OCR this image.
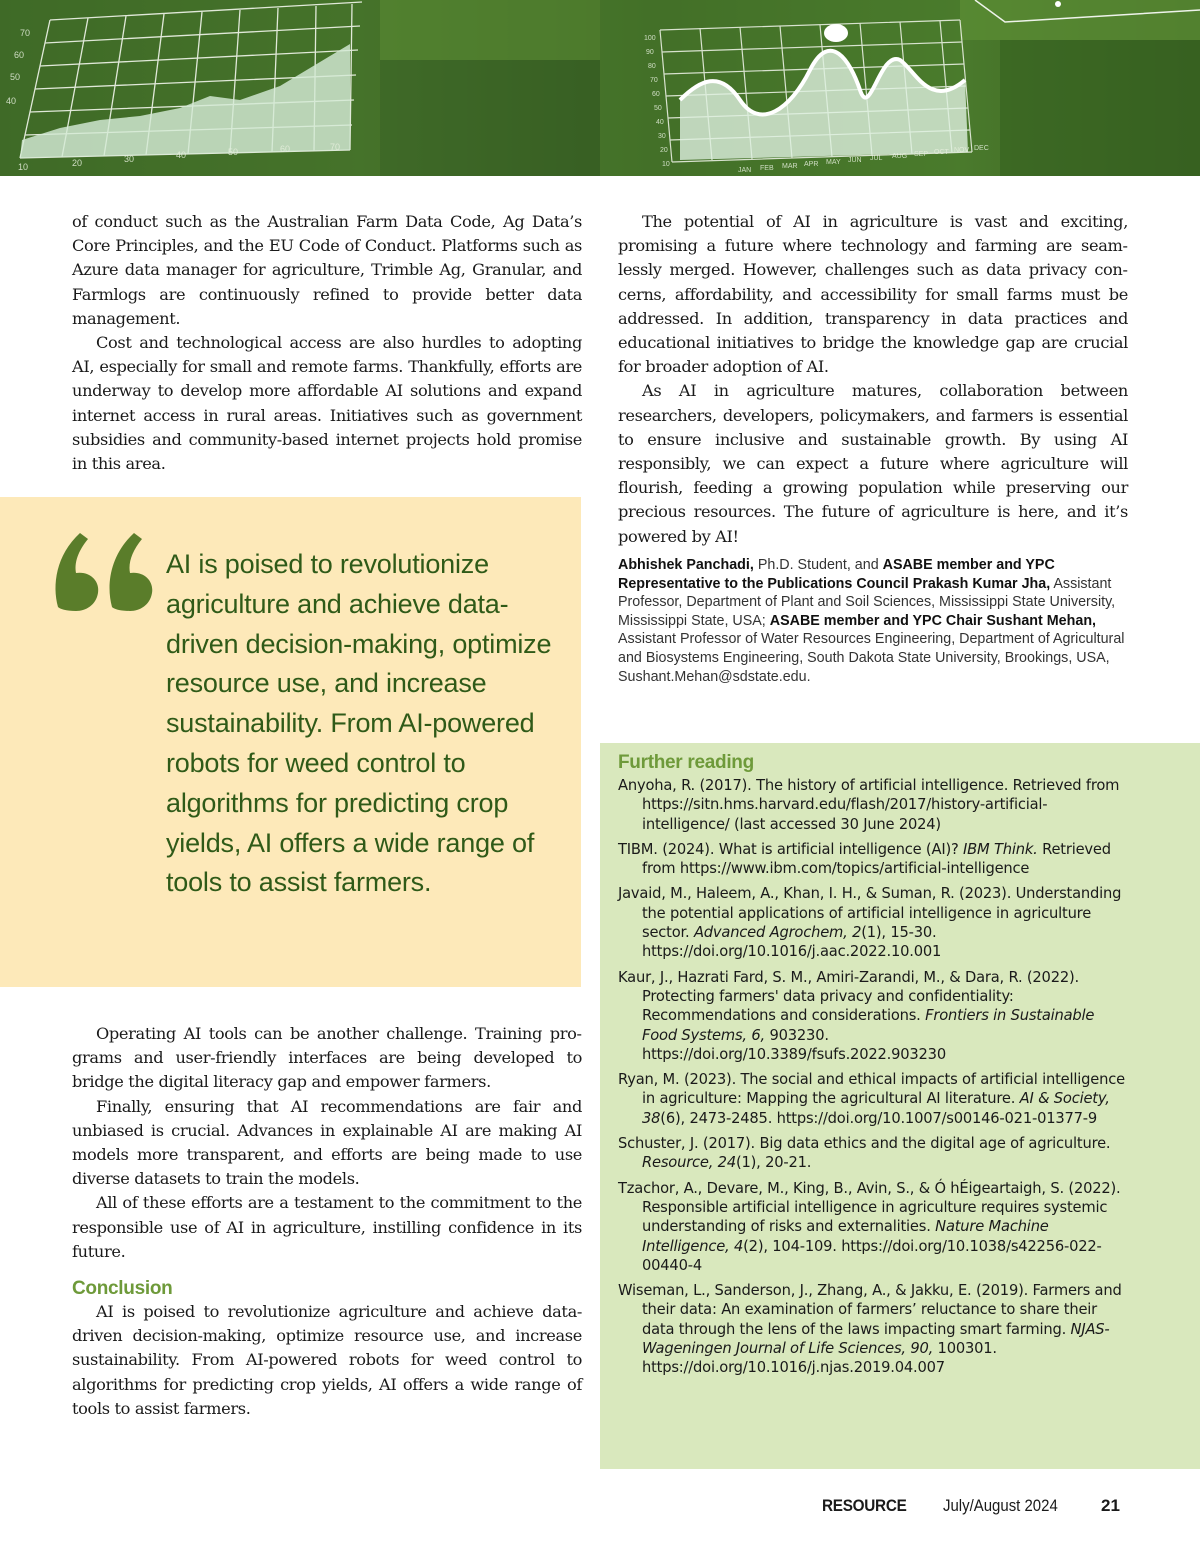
10	20	30	40	50	60	70
70
60
50
40
JAN FEB MAR APR MAY JUN JUL AUG SEP OCT NOV DEC
100
90
80
70
60
50
40
30
20
10

of conduct such as the Australian Farm Data Code, Ag Data’s Core Principles, and the EU Code of Conduct. Platforms such as Azure data manager for agriculture, Trimble Ag, Granular, and Farmlogs are continuously refined to provide better data management.

Cost and technological access are also hurdles to adopting AI, especially for small and remote farms. Thankfully, efforts are underway to develop more affordable AI solutions and expand internet access in rural areas. Initiatives such as government subsidies and community-based internet projects hold promise in this area.

AI is poised to revolutionize agriculture and achieve data-driven decision-making, optimize resource use, and increase sustainability. From AI-powered robots for weed control to algorithms for predicting crop yields, AI offers a wide range of tools to assist farmers.

Operating AI tools can be another challenge. Training programs and user-friendly interfaces are being developed to bridge the digital literacy gap and empower farmers.

Finally, ensuring that AI recommendations are fair and unbiased is crucial. Advances in explainable AI are making AI models more transparent, and efforts are being made to use diverse datasets to train the models.

All of these efforts are a testament to the commitment to the responsible use of AI in agriculture, instilling confidence in its future.

Conclusion

AI is poised to revolutionize agriculture and achieve data-driven decision-making, optimize resource use, and increase sustainability. From AI-powered robots for weed control to algorithms for predicting crop yields, AI offers a wide range of tools to assist farmers.

The potential of AI in agriculture is vast and exciting, promising a future where technology and farming are seamlessly merged. However, challenges such as data privacy concerns, affordability, and accessibility for small farms must be addressed. In addition, transparency in data practices and educational initiatives to bridge the knowledge gap are crucial for broader adoption of AI.

As AI in agriculture matures, collaboration between researchers, developers, policymakers, and farmers is essential to ensure inclusive and sustainable growth. By using AI responsibly, we can expect a future where agriculture will flourish, feeding a growing population while preserving our precious resources. The future of agriculture is here, and it’s powered by AI!

Abhishek Panchadi, Ph.D. Student, and ASABE member and YPC Representative to the Publications Council Prakash Kumar Jha, Assistant Professor, Department of Plant and Soil Sciences, Mississippi State University, Mississippi State, USA; ASABE member and YPC Chair Sushant Mehan, Assistant Professor of Water Resources Engineering, Department of Agricultural and Biosystems Engineering, South Dakota State University, Brookings, USA, Sushant.Mehan@sdstate.edu.
Further reading
Anyoha, R. (2017). The history of artificial intelligence. Retrieved from https://sitn.hms.harvard.edu/flash/2017/history-artificial-intelligence/ (last accessed 30 June 2024)
TIBM. (2024). What is artificial intelligence (AI)? IBM Think. Retrieved from https://www.ibm.com/topics/artificial-intelligence
Javaid, M., Haleem, A., Khan, I. H., & Suman, R. (2023). Understanding the potential applications of artificial intelligence in agriculture sector. Advanced Agrochem, 2(1), 15-30. https://doi.org/10.1016/j.aac.2022.10.001
Kaur, J., Hazrati Fard, S. M., Amiri-Zarandi, M., & Dara, R. (2022). Protecting farmers' data privacy and confidentiality: Recommendations and considerations. Frontiers in Sustainable Food Systems, 6, 903230. https://doi.org/10.3389/fsufs.2022.903230
Ryan, M. (2023). The social and ethical impacts of artificial intelligence in agriculture: Mapping the agricultural AI literature. AI & Society, 38(6), 2473-2485. https://doi.org/10.1007/s00146-021-01377-9
Schuster, J. (2017). Big data ethics and the digital age of agriculture. Resource, 24(1), 20-21.
Tzachor, A., Devare, M., King, B., Avin, S., & Ó hÉigeartaigh, S. (2022). Responsible artificial intelligence in agriculture requires systemic understanding of risks and externalities. Nature Machine Intelligence, 4(2), 104-109. https://doi.org/10.1038/s42256-022-00440-4
Wiseman, L., Sanderson, J., Zhang, A., & Jakku, E. (2019). Farmers and their data: An examination of farmers’ reluctance to share their data through the lens of the laws impacting smart farming. NJAS-Wageningen Journal of Life Sciences, 90, 100301. https://doi.org/10.1016/j.njas.2019.04.007
RESOURCE July/August 2024	21
